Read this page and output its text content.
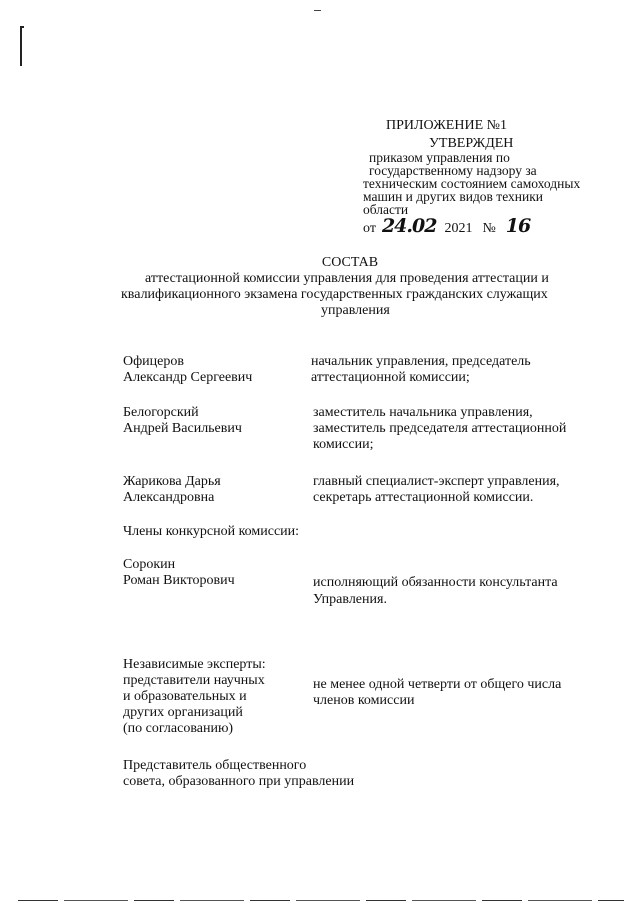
ПРИЛОЖЕНИЕ №1
УТВЕРЖДЕН
приказом управления по
государственному надзору за
техническим состоянием самоходных
машин и других видов техники
области
от 24.02 2021 № 16
СОСТАВ
аттестационной комиссии управления для проведения аттестации и
квалификационного экзамена государственных гражданских служащих
управления
Офицеров
Александр Сергеевич
начальник управления, председатель
аттестационной комиссии;
Белогорский
Андрей Васильевич
заместитель начальника управления,
заместитель председателя аттестационной
комиссии;
Жарикова Дарья
Александровна
главный специалист-эксперт управления,
секретарь аттестационной комиссии.
Члены конкурсной комиссии:
Сорокин
Роман Викторович	исполняющий обязанности консультанта
Управления.
Независимые эксперты:
представители научных
и образовательных и
других организаций
(по согласованию)
не менее одной четверти от общего числа
членов комиссии
Представитель общественного
совета, образованного при управлении
